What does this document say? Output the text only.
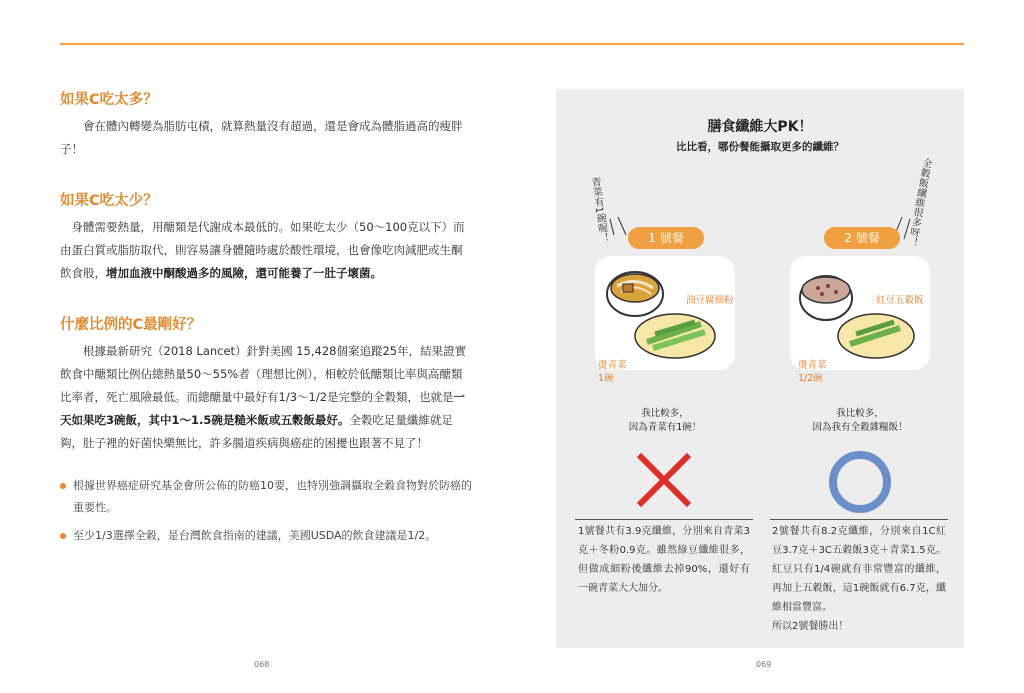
如果C吃太多？

會在體內轉變為脂肪屯積，就算熱量沒有超過，還是會成為體脂過高的瘦胖子！

如果C吃太少？

身體需要熱量，用醣類是代謝成本最低的。如果吃太少（50～100克以下）而由蛋白質或脂肪取代，則容易讓身體隨時處於酸性環境，也會像吃肉減肥或生酮飲食般，增加血液中酮酸過多的風險，還可能養了一肚子壞菌。

什麼比例的C最剛好？

根據最新研究（2018 Lancet）針對美國 15,428個案追蹤25年，結果證實飲食中醣類比例佔總熱量50～55%者（理想比例），相較於低醣類比率與高醣類比率者，死亡風險最低。而總醣量中最好有1/3～1/2是完整的全穀類，也就是一天如果吃3碗飯，其中1～1.5碗是糙米飯或五穀飯最好。全穀吃足量纖維就足夠，肚子裡的好菌快樂無比，許多腸道疾病與癌症的困擾也跟著不見了！

根據世界癌症研究基金會所公佈的防癌10要，也特別強調攝取全穀食物對於防癌的重要性。
至少1/3選擇全穀，是台灣飲食指南的建議，美國USDA的飲食建議是1/2。
068
膳食纖維大PK！
比比看，哪份餐能攝取更多的纖維？
青菜有1碗喔！	全穀飯纖維很多呀！
1 號餐	2 號餐
油豆腐細粉
燙青菜
1碗
紅豆五穀飯
燙青菜
1/2碗
我比較多，
因為青菜有1碗！
我比較多，
因為我有全穀雜糧飯！
1號餐共有3.9克纖維，分別來自青菜3克＋冬粉0.9克。雖然綠豆纖維很多，但做成細粉後纖維去掉90%，還好有一碗青菜大大加分。
2號餐共有8.2克纖維，分別來自1C紅豆3.7克＋3C五穀飯3克＋青菜1.5克。紅豆只有1/4碗就有非常豐富的纖維，再加上五穀飯，這1碗飯就有6.7克，纖維相當豐富。
所以2號餐勝出！
069
